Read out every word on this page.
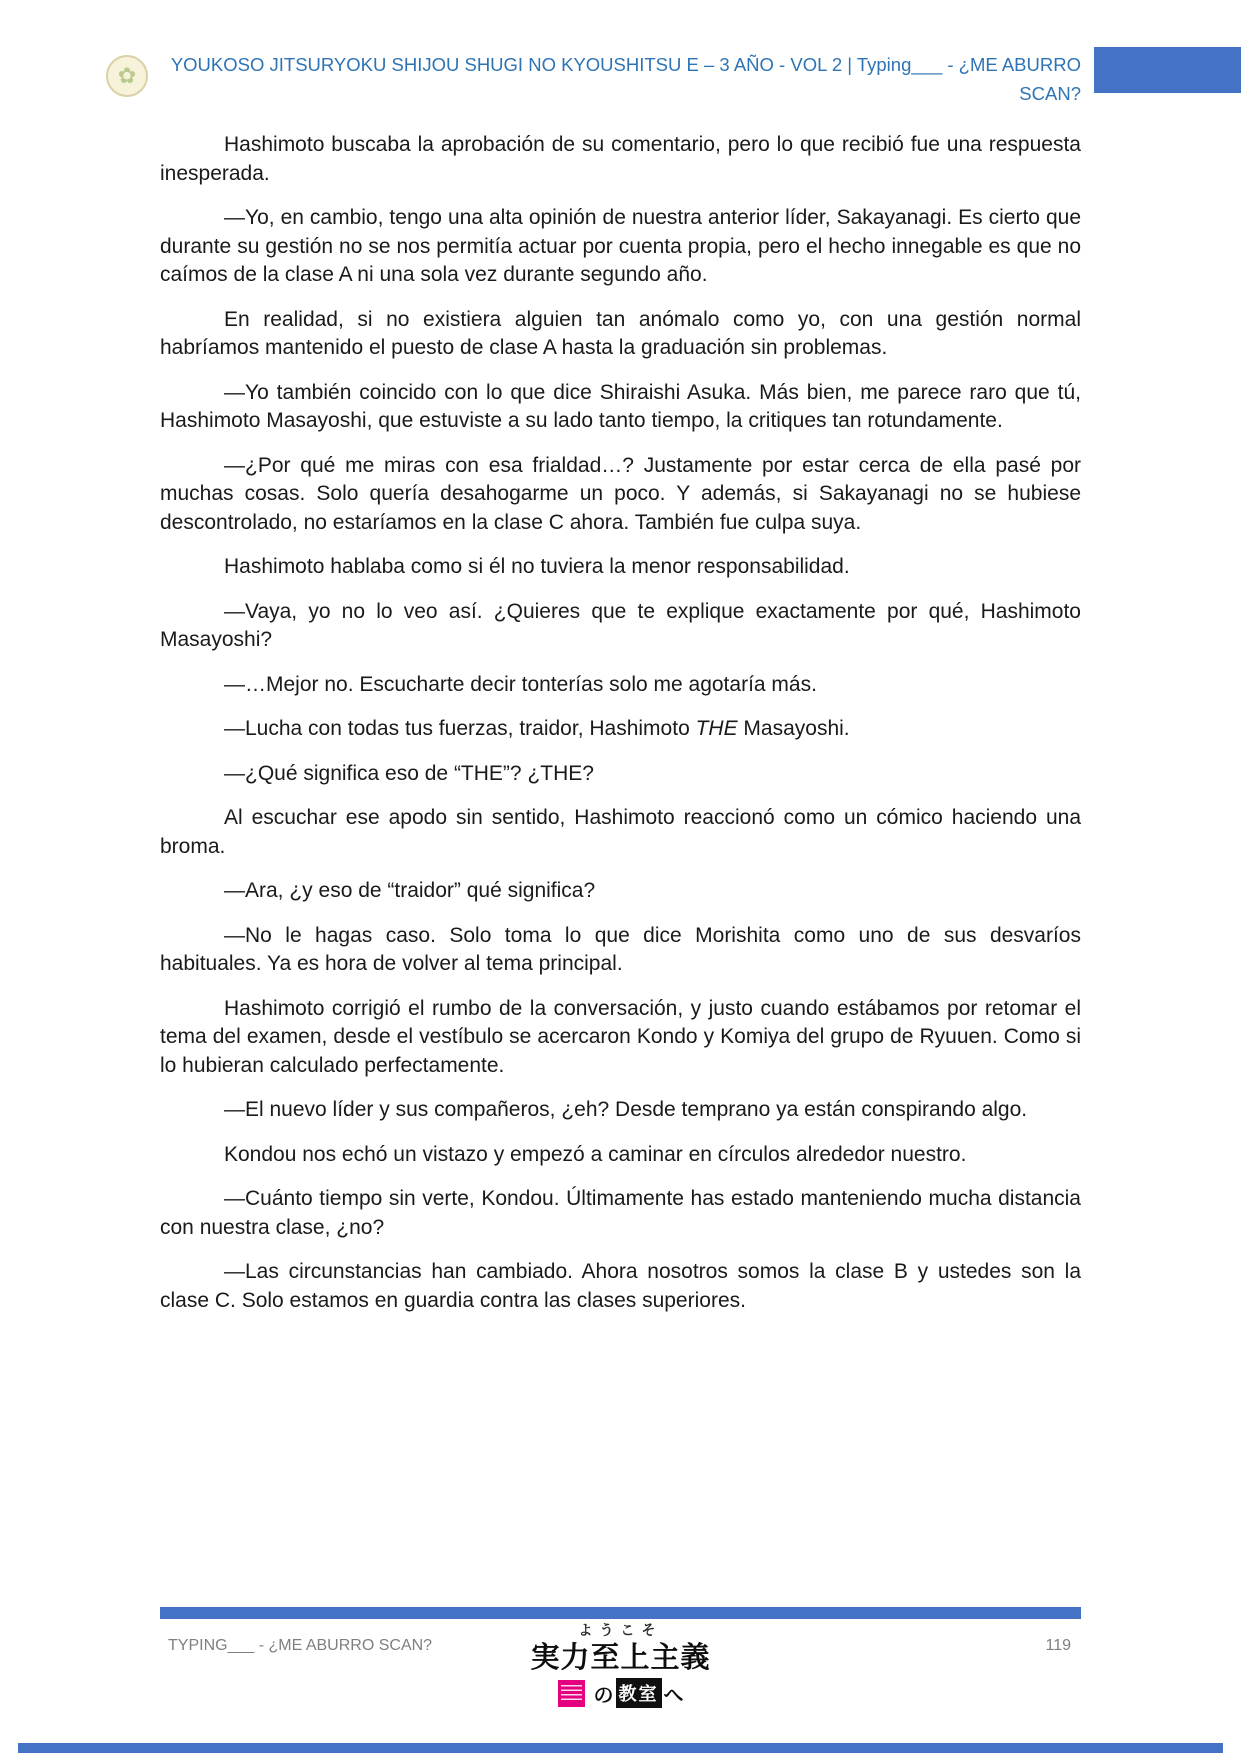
✿	YOUKOSO JITSURYOKU SHIJOU SHUGI NO KYOUSHITSU E – 3 AÑO - VOL 2 | Typing___ - ¿ME ABURRO SCAN?

Hashimoto buscaba la aprobación de su comentario, pero lo que recibió fue una respuesta inesperada.

—Yo, en cambio, tengo una alta opinión de nuestra anterior líder, Sakayanagi. Es cierto que durante su gestión no se nos permitía actuar por cuenta propia, pero el hecho innegable es que no caímos de la clase A ni una sola vez durante segundo año.

En realidad, si no existiera alguien tan anómalo como yo, con una gestión normal habríamos mantenido el puesto de clase A hasta la graduación sin problemas.

—Yo también coincido con lo que dice Shiraishi Asuka. Más bien, me parece raro que tú, Hashimoto Masayoshi, que estuviste a su lado tanto tiempo, la critiques tan rotundamente.

—¿Por qué me miras con esa frialdad…? Justamente por estar cerca de ella pasé por muchas cosas. Solo quería desahogarme un poco. Y además, si Sakayanagi no se hubiese descontrolado, no estaríamos en la clase C ahora. También fue culpa suya.

Hashimoto hablaba como si él no tuviera la menor responsabilidad.

—Vaya, yo no lo veo así. ¿Quieres que te explique exactamente por qué, Hashimoto Masayoshi?

—…Mejor no. Escucharte decir tonterías solo me agotaría más.

—Lucha con todas tus fuerzas, traidor, Hashimoto THE Masayoshi.

—¿Qué significa eso de “THE”? ¿THE?

Al escuchar ese apodo sin sentido, Hashimoto reaccionó como un cómico haciendo una broma.

—Ara, ¿y eso de “traidor” qué significa?

—No le hagas caso. Solo toma lo que dice Morishita como uno de sus desvaríos habituales. Ya es hora de volver al tema principal.

Hashimoto corrigió el rumbo de la conversación, y justo cuando estábamos por retomar el tema del examen, desde el vestíbulo se acercaron Kondo y Komiya del grupo de Ryuuen. Como si lo hubieran calculado perfectamente.

—El nuevo líder y sus compañeros, ¿eh? Desde temprano ya están conspirando algo.

Kondou nos echó un vistazo y empezó a caminar en círculos alrededor nuestro.

—Cuánto tiempo sin verte, Kondou. Últimamente has estado manteniendo mucha distancia con nuestra clase, ¿no?

—Las circunstancias han cambiado. Ahora nosotros somos la clase B y ustedes son la clase C. Solo estamos en guardia contra las clases superiores.

TYPING___ - ¿ME ABURRO SCAN?
ようこそ
実力至上主義
の 教室 へ
119
